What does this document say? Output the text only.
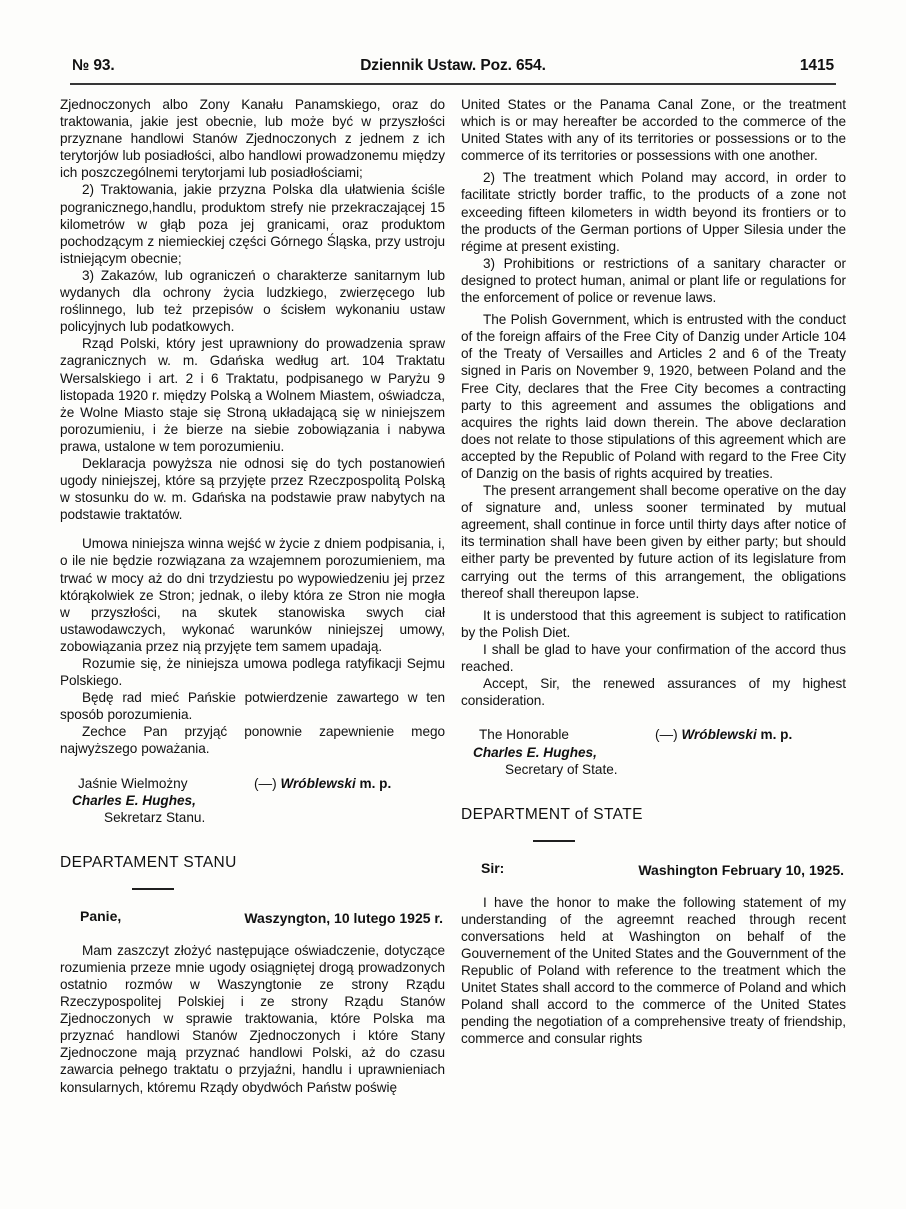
№ 93.	Dziennik Ustaw. Poz. 654.	1415

Zjednoczonych albo Zony Kanału Panamskiego, oraz do traktowania, jakie jest obecnie, lub może być w przyszłości przyznane handlowi Stanów Zjednoczonych z jednem z ich terytorjów lub posiadłości, albo handlowi prowadzonemu między ich poszczególnemi terytorjami lub posiadłościami;

2) Traktowania, jakie przyzna Polska dla ułatwienia ściśle pogranicznego,handlu, produktom strefy nie przekraczającej 15 kilometrów w głąb poza jej granicami, oraz produktom pochodzącym z niemieckiej części Górnego Śląska, przy ustroju istniejącym obecnie;

3) Zakazów, lub ograniczeń o charakterze sanitarnym lub wydanych dla ochrony życia ludzkiego, zwierzęcego lub roślinnego, lub też przepisów o ścisłem wykonaniu ustaw policyjnych lub podatkowych.

Rząd Polski, który jest uprawniony do prowadzenia spraw zagranicznych w. m. Gdańska według art. 104 Traktatu Wersalskiego i art. 2 i 6 Traktatu, podpisanego w Paryżu 9 listopada 1920 r. między Polską a Wolnem Miastem, oświadcza, że Wolne Miasto staje się Stroną układającą się w niniejszem porozumieniu, i że bierze na siebie zobowiązania i nabywa prawa, ustalone w tem porozumieniu.

Deklaracja powyższa nie odnosi się do tych postanowień ugody niniejszej, które są przyjęte przez Rzeczpospolitą Polską w stosunku do w. m. Gdańska na podstawie praw nabytych na podstawie traktatów.

Umowa niniejsza winna wejść w życie z dniem podpisania, i, o ile nie będzie rozwiązana za wzajemnem porozumieniem, ma trwać w mocy aż do dni trzydziestu po wypowiedzeniu jej przez którąkolwiek ze Stron; jednak, o ileby która ze Stron nie mogła w przyszłości, na skutek stanowiska swych ciał ustawodawczych, wykonać warunków niniejszej umowy, zobowiązania przez nią przyjęte tem samem upadają.

Rozumie się, że niniejsza umowa podlega ratyfikacji Sejmu Polskiego.

Będę rad mieć Pańskie potwierdzenie zawartego w ten sposób porozumienia.

Zechce Pan przyjąć ponownie zapewnienie mego najwyższego poważania.

Jaśnie Wielmożny	(—) Wróblewski m. p.
Charles E. Hughes,
Sekretarz Stanu.
DEPARTAMENT STANU
Waszyngton, 10 lutego 1925 r.
Panie,

Mam zaszczyt złożyć następujące oświadczenie, dotyczące rozumienia przeze mnie ugody osiągniętej drogą prowadzonych ostatnio rozmów w Waszyngtonie ze strony Rządu Rzeczypospolitej Polskiej i ze strony Rządu Stanów Zjednoczonych w sprawie traktowania, które Polska ma przyznać handlowi Stanów Zjednoczonych i które Stany Zjednoczone mają przyznać handlowi Polski, aż do czasu zawarcia pełnego traktatu o przyjaźni, handlu i uprawnieniach konsularnych, któremu Rządy obydwóch Państw poświę

United States or the Panama Canal Zone, or the treatment which is or may hereafter be accorded to the commerce of the United States with any of its territories or possessions or to the commerce of its territories or possessions with one another.

2) The treatment which Poland may accord, in order to facilitate strictly border traffic, to the products of a zone not exceeding fifteen kilometers in width beyond its frontiers or to the products of the German portions of Upper Silesia under the régime at present existing.

3) Prohibitions or restrictions of a sanitary character or designed to protect human, animal or plant life or regulations for the enforcement of police or revenue laws.

The Polish Government, which is entrusted with the conduct of the foreign affairs of the Free City of Danzig under Article 104 of the Treaty of Versailles and Articles 2 and 6 of the Treaty signed in Paris on November 9, 1920, between Poland and the Free City, declares that the Free City becomes a contracting party to this agreement and assumes the obligations and acquires the rights laid down therein. The above declaration does not relate to those stipulations of this agreement which are accepted by the Republic of Poland with regard to the Free City of Danzig on the basis of rights acquired by treaties.

The present arrangement shall become operative on the day of signature and, unless sooner terminated by mutual agreement, shall continue in force until thirty days after notice of its termination shall have been given by either party; but should either party be prevented by future action of its legislature from carrying out the terms of this arrangement, the obligations thereof shall thereupon lapse.

It is understood that this agreement is subject to ratification by the Polish Diet.

I shall be glad to have your confirmation of the accord thus reached.

Accept, Sir, the renewed assurances of my highest consideration.

The Honorable	(—) Wróblewski m. p.
Charles E. Hughes,
Secretary of State.
DEPARTMENT of STATE
Washington February 10, 1925.
Sir:

I have the honor to make the following statement of my understanding of the agreemnt reached through recent conversations held at Washington on behalf of the Gouvernement of the United States and the Gouvernment of the Republic of Poland with reference to the treatment which the Unitet States shall accord to the commerce of Poland and which Poland shall accord to the commerce of the United States pending the negotiation of a comprehensive treaty of friendship, commerce and consular rights
